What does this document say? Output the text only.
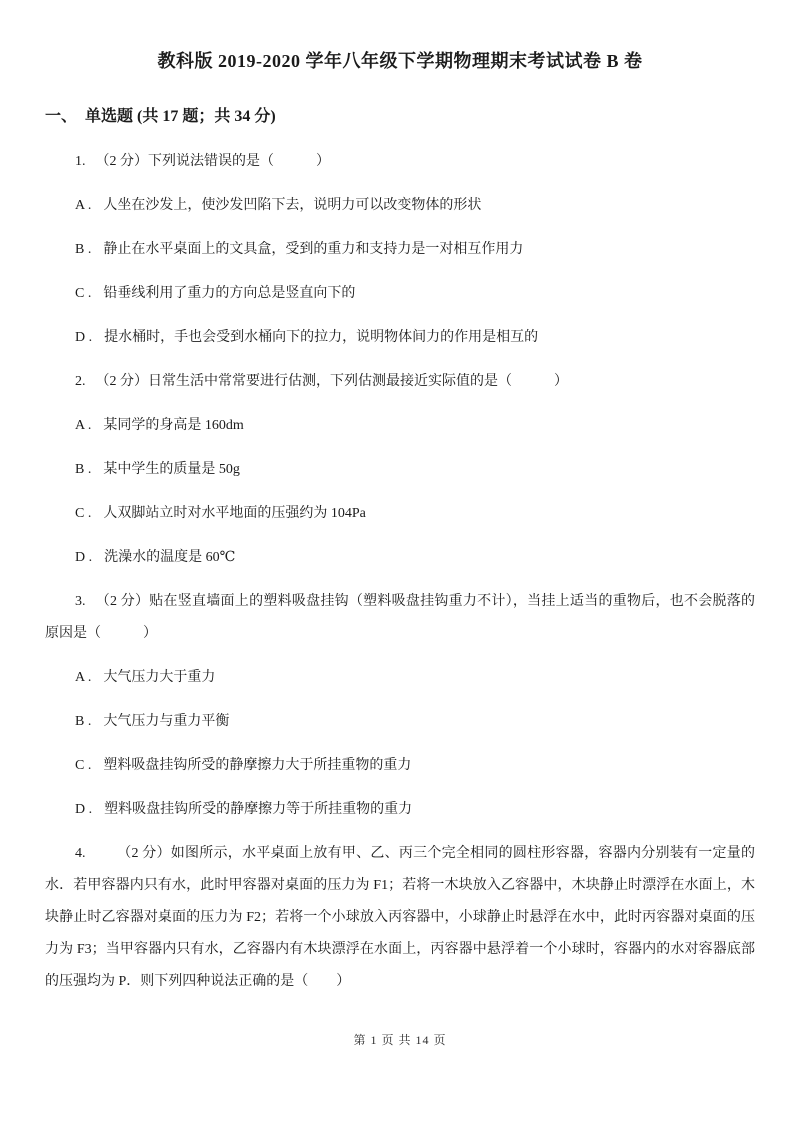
教科版 2019-2020 学年八年级下学期物理期末考试试卷 B 卷
一、　单选题 (共 17 题；共 34 分)

1. （2 分）下列说法错误的是（　　　）

A . 人坐在沙发上，使沙发凹陷下去，说明力可以改变物体的形状

B . 静止在水平桌面上的文具盒，受到的重力和支持力是一对相互作用力

C . 铅垂线利用了重力的方向总是竖直向下的

D . 提水桶时，手也会受到水桶向下的拉力，说明物体间力的作用是相互的

2. （2 分）日常生活中常常要进行估测，下列估测最接近实际值的是（　　　）

A . 某同学的身高是 160dm

B . 某中学生的质量是 50g

C . 人双脚站立时对水平地面的压强约为 104Pa

D . 洗澡水的温度是 60℃

3. （2 分）贴在竖直墙面上的塑料吸盘挂钩（塑料吸盘挂钩重力不计），当挂上适当的重物后，也不会脱落的原因是（　　　）

A . 大气压力大于重力

B . 大气压力与重力平衡

C . 塑料吸盘挂钩所受的静摩擦力大于所挂重物的重力

D . 塑料吸盘挂钩所受的静摩擦力等于所挂重物的重力

4.　　（2 分）如图所示，水平桌面上放有甲、乙、丙三个完全相同的圆柱形容器，容器内分别装有一定量的水．若甲容器内只有水，此时甲容器对桌面的压力为 F1；若将一木块放入乙容器中，木块静止时漂浮在水面上，木块静止时乙容器对桌面的压力为 F2；若将一个小球放入丙容器中，小球静止时悬浮在水中，此时丙容器对桌面的压力为 F3；当甲容器内只有水，乙容器内有木块漂浮在水面上，丙容器中悬浮着一个小球时，容器内的水对容器底部的压强均为 P．则下列四种说法正确的是（　　）

第 1 页 共 14 页
